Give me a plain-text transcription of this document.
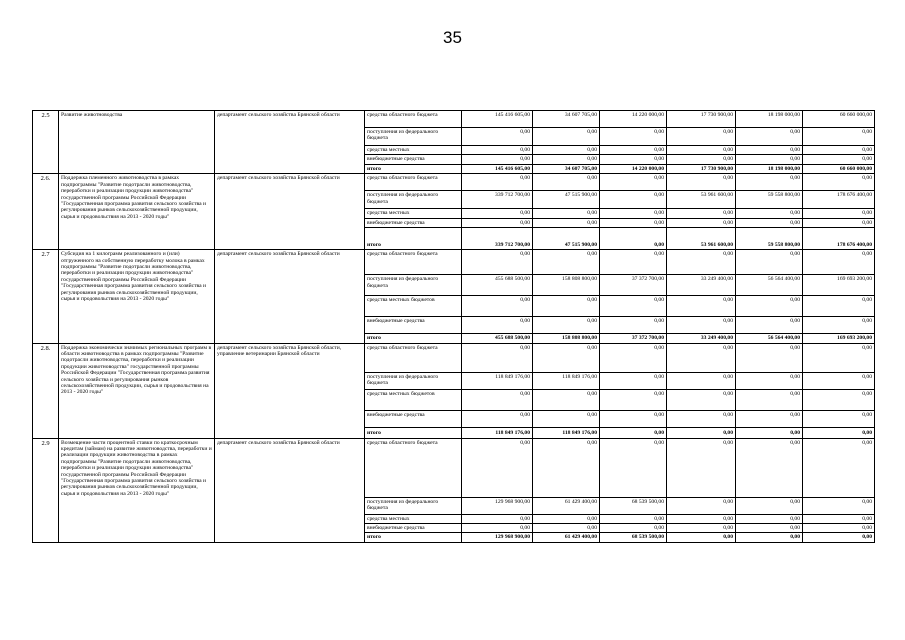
35
2.5	Развитие животноводства	департамент сельского хозяйства Брянской области	средства областного бюджета	145 416 605,00	34 607 705,00	14 220 000,00	17 730 900,00	18 198 000,00	60 660 000,00
			поступления из федерального бюджета	0,00	0,00	0,00	0,00	0,00	0,00
			средства местных	0,00	0,00	0,00	0,00	0,00	0,00
			внебюджетные средства	0,00	0,00	0,00	0,00	0,00	0,00
			итого	145 416 605,00	34 607 705,00	14 220 000,00	17 730 900,00	18 198 000,00	60 660 000,00
2.6.	Поддержка племенного животноводства в рамках подпрограммы "Развитие подотрасли животноводства, переработки и реализации продукции животноводства" государственной программы Российской Федерации "Государственная программа развития сельского хозяйства и регулирования рынков сельскохозяйственной продукции, сырья и продовольствия на 2013 - 2020 годы"	департамент сельского хозяйства Брянской области	средства областного бюджета	0,00	0,00	0,00	0,00	0,00	0,00
			поступления из федерального бюджета	339 712 700,00	47 515 900,00	0,00	53 961 600,00	59 558 800,00	178 676 400,00
			средства местных	0,00	0,00	0,00	0,00	0,00	0,00
			внебюджетные средства	0,00	0,00	0,00	0,00	0,00	0,00
			итого	339 712 700,00	47 515 900,00	0,00	53 961 600,00	59 558 800,00	178 676 400,00
2.7	Субсидия на 1 килограмм реализованного и (или) отгруженного на собственную переработку молока в рамках подпрограммы "Развитие подотрасли животноводства, переработки и реализации продукции животноводства" государственной программы Российской Федерации "Государственная программа развития сельского хозяйства и регулирования рынков сельскохозяйственной продукции, сырья и продовольствия на 2013 - 2020 годы"	департамент сельского хозяйства Брянской области	средства областного бюджета	0,00	0,00	0,00	0,00	0,00	0,00
			поступления из федерального бюджета	455 688 500,00	158 808 800,00	37 372 700,00	33 249 400,00	56 564 400,00	169 693 200,00
			средства местных бюджетов	0,00	0,00	0,00	0,00	0,00	0,00
			внебюджетные средства	0,00	0,00	0,00	0,00	0,00	0,00
			итого	455 688 500,00	158 808 800,00	37 372 700,00	33 249 400,00	56 564 400,00	169 693 200,00
2.8.	Поддержка экономически значимых региональных программ в области животноводства в рамках подпрограммы "Развитие подотрасли животноводства, переработки и реализации продукции животноводства" государственной программы Российской Федерации "Государственная программа развития сельского хозяйства и регулирования рынков сельскохозяйственной продукции, сырья и продовольствия на 2013 - 2020 годы"	департамент сельского хозяйства Брянской области, управление ветеринарии Брянской области	средства областного бюджета	0,00	0,00	0,00	0,00	0,00	0,00
			поступления из федерального бюджета	118 849 176,00	118 849 176,00	0,00	0,00	0,00	0,00
			средства местных бюджетов	0,00	0,00	0,00	0,00	0,00	0,00
			внебюджетные средства	0,00	0,00	0,00	0,00	0,00	0,00
			итого	118 849 176,00	118 849 176,00	0,00	0,00	0,00	0,00
2.9	Возмещение части процентной ставки по краткосрочным кредитам (займам) на развитие животноводства, переработки и реализации продукции животноводства в рамках подпрограммы "Развитие подотрасли животноводства, переработки и реализации продукции животноводства" государственной программы Российской Федерации "Государственная программа развития сельского хозяйства и регулирования рынков сельскохозяйственной продукции, сырья и продовольствия на 2013 - 2020 годы"	департамент сельского хозяйства Брянской области	средства областного бюджета	0,00	0,00	0,00	0,00	0,00	0,00
			поступления из федерального бюджета	129 968 900,00	61 429 400,00	68 539 500,00	0,00	0,00	0,00
			средства местных	0,00	0,00	0,00	0,00	0,00	0,00
			внебюджетные средства	0,00	0,00	0,00	0,00	0,00	0,00
			итого	129 968 900,00	61 429 400,00	68 539 500,00	0,00	0,00	0,00
